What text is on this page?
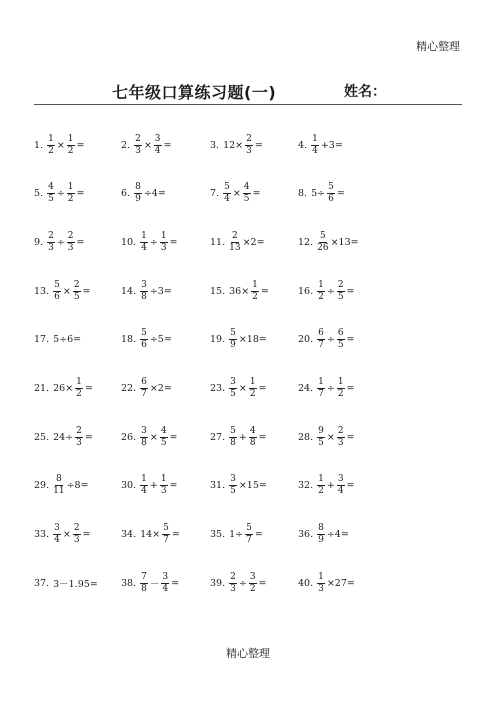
精心整理
七年级口算练习题(一)	姓名：
1. $\frac{1}{2} \times \frac{1}{2}$ =	2. $\frac{2}{3} \times \frac{3}{4}$ =	3. $12\times \frac{2}{3}$ =	4. $\frac{1}{4} +3=$
5. $\frac{4}{5} \div \frac{1}{2}$ =	6. $\frac{8}{9} \div 4=$	7. $\frac{5}{4} \times \frac{4}{5}$ =	8. $5\div \frac{5}{6}$ =
9. $\frac{2}{3} \div \frac{2}{3}$ =	10. $\frac{1}{4} \div \frac{1}{3}$ =	11. $\frac{2}{13} \times 2=$	12. $\frac{5}{26} \times 13=$
13. $\frac{5}{6} \times \frac{2}{5}$ =	14. $\frac{3}{8} \div 3=$	15. $36\times \frac{1}{2}$ =	16. $\frac{1}{2} \div \frac{2}{5}$ =
17. 5÷6=	18. $\frac{5}{6} \div 5=$	19. $\frac{5}{9} \times 18=$	20. $\frac{6}{7} \div \frac{6}{5}$ =
21. $26\times \frac{1}{2}$ =	22. $\frac{6}{7} \times 2=$	23. $\frac{3}{5} \times \frac{1}{2}$ =	24. $\frac{1}{7} \div \frac{1}{2}$ =
25. $24\div \frac{2}{3}$ =	26. $\frac{3}{8} \times \frac{4}{5}$ =	27. $\frac{5}{8} + \frac{4}{8}$ =	28. $\frac{9}{5} \times \frac{2}{3}$ =
29. $\frac{8}{11} \div 8=$	30. $\frac{1}{4} + \frac{1}{3}$ =	31. $\frac{3}{5} \times 15=$	32. $\frac{1}{2} + \frac{3}{4}$ =
33. $\frac{3}{4} \times \frac{2}{3}$ =	34. $14\times \frac{5}{7}$ =	35. $1\div \frac{5}{7}$ =	36. $\frac{8}{9} \div 4=$
37. 3－1.95= 38. $\frac{7}{8} - \frac{3}{4}$ =	39. $\frac{2}{3} \div \frac{3}{2}$ =	40. $\frac{1}{3} \times 27=$
精心整理
